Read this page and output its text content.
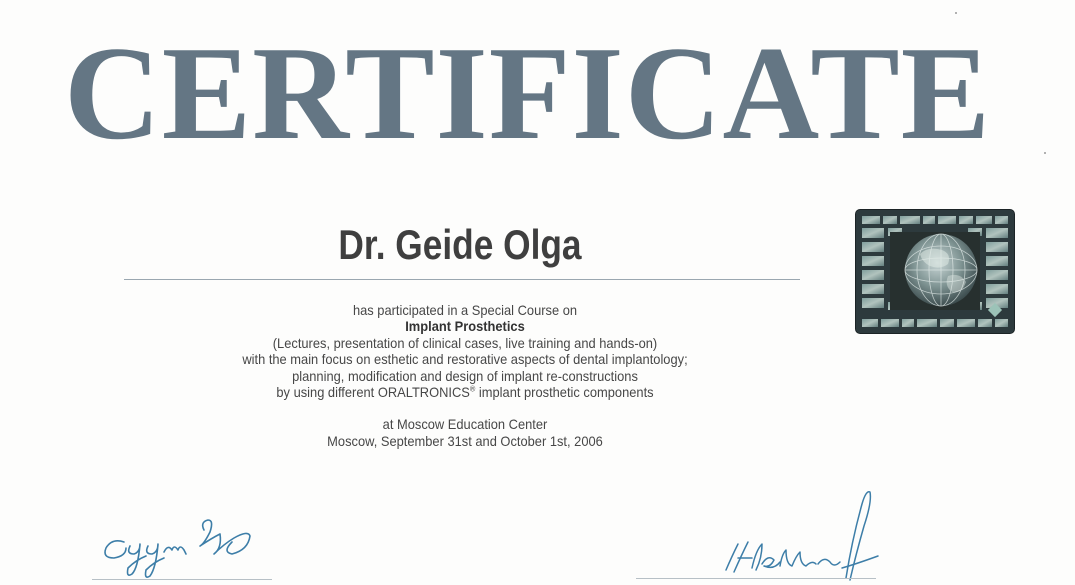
CERTIFICATE
Dr. Geide Olga
has participated in a Special Course on
Implant Prosthetics
(Lectures, presentation of clinical cases, live training and hands-on)
with the main focus on esthetic and restorative aspects of dental implantology;
planning, modification and design of implant re-constructions
by using different ORALTRONICS® implant prosthetic components
at Moscow Education Center
Moscow, September 31st and October 1st, 2006
